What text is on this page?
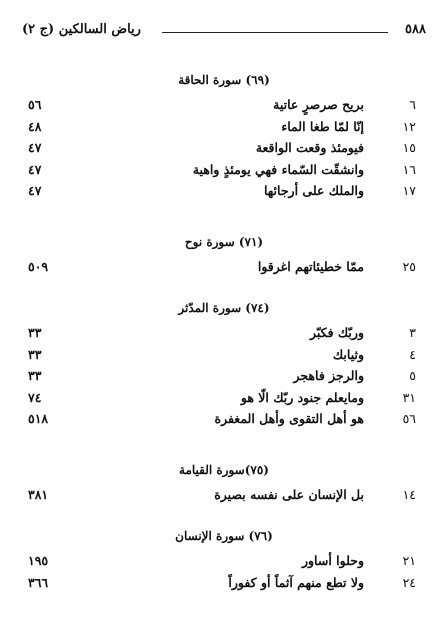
٥٨٨
رياض السالكين (ج ٢)
(٦٩) سورة الحاقة
٦
بريح صرصرٍ عاتية
٥٦
١٢
إنّا لمّا طغا الماء
٤٨
١٥
فيومئذ وقعت الواقعة
٤٧
١٦
وانشقّت السّماء فهي يومئذٍ واهية
٤٧
١٧
والملك على أرجائها
٤٧
(٧١) سورة نوح
٢٥
ممّا خطيئاتهم اغرقوا
٥٠٩
(٧٤) سورة المدّثر
٣
وربّك فكبّر
٣٣
٤
وثيابك
٣٣
٥
والرجز فاهجر
٣٣
٣١
ومايعلم جنود ربّك الّا هو
٧٤
٥٦
هو أهل التقوى وأهل المغفرة
٥١٨
(٧٥)سورة القيامة
١٤
بل الإنسان على نفسه بصيرة
٣٨١
(٧٦) سورة الإنسان
٢١
وحلوا أساور
١٩٥
٢٤
ولا تطع منهم آثماً أو كفوراً
٣٦٦
